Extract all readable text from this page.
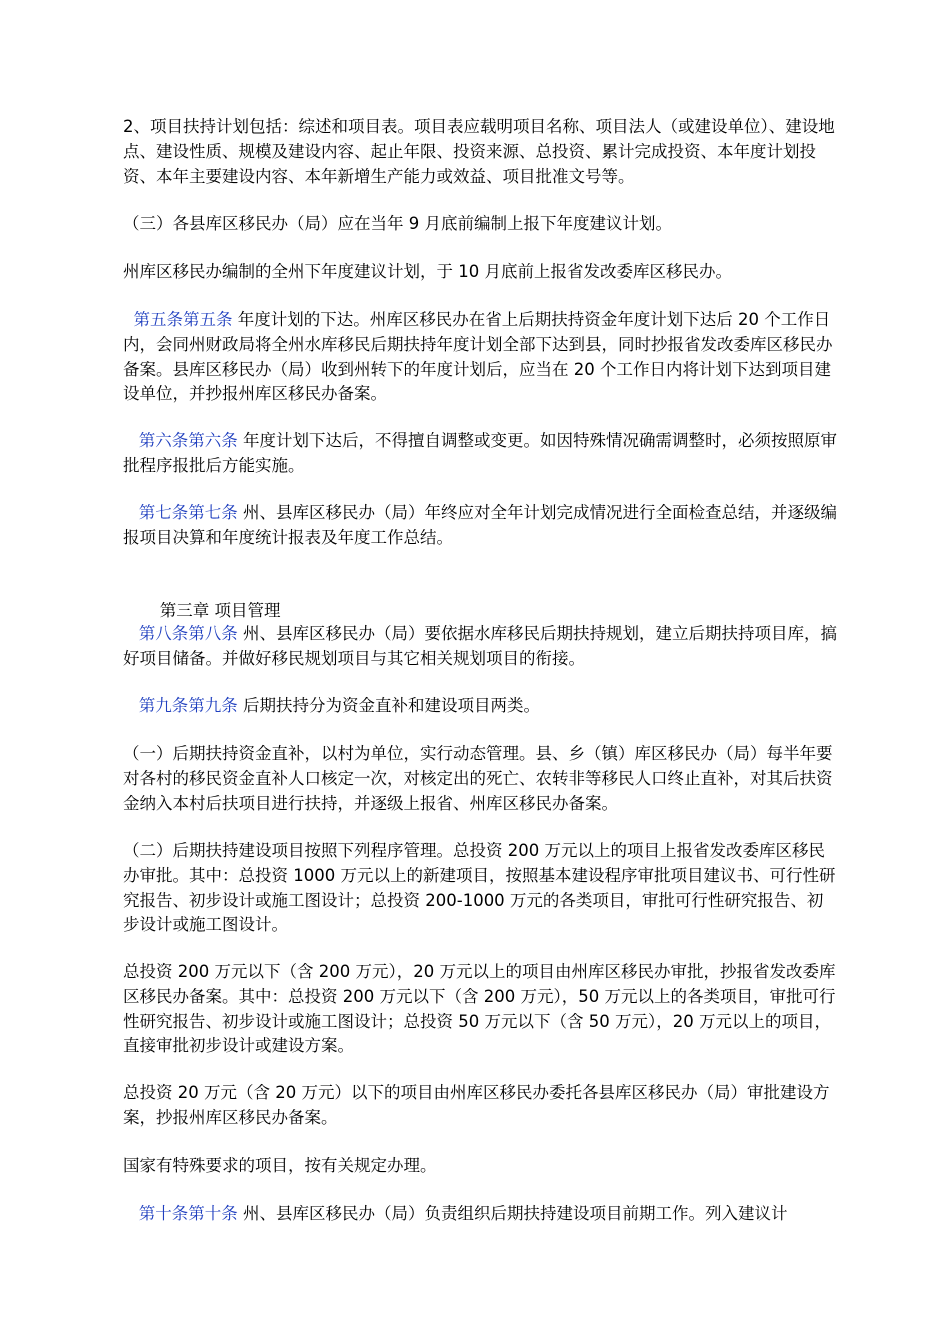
2、项目扶持计划包括：综述和项目表。项目表应载明项目名称、项目法人（或建设单位）、建设地点、建设性质、规模及建设内容、起止年限、投资来源、总投资、累计完成投资、本年度计划投资、本年主要建设内容、本年新增生产能力或效益、项目批准文号等。

（三）各县库区移民办（局）应在当年 9 月底前编制上报下年度建议计划。

州库区移民办编制的全州下年度建议计划，于 10 月底前上报省发改委库区移民办。

第五条第五条 年度计划的下达。州库区移民办在省上后期扶持资金年度计划下达后 20 个工作日内，会同州财政局将全州水库移民后期扶持年度计划全部下达到县，同时抄报省发改委库区移民办备案。县库区移民办（局）收到州转下的年度计划后，应当在 20 个工作日内将计划下达到项目建设单位，并抄报州库区移民办备案。

第六条第六条 年度计划下达后，不得擅自调整或变更。如因特殊情况确需调整时，必须按照原审批程序报批后方能实施。

第七条第七条 州、县库区移民办（局）年终应对全年计划完成情况进行全面检查总结，并逐级编报项目决算和年度统计报表及年度工作总结。

第三章 项目管理

第八条第八条 州、县库区移民办（局）要依据水库移民后期扶持规划，建立后期扶持项目库，搞好项目储备。并做好移民规划项目与其它相关规划项目的衔接。

第九条第九条 后期扶持分为资金直补和建设项目两类。

（一）后期扶持资金直补，以村为单位，实行动态管理。县、乡（镇）库区移民办（局）每半年要对各村的移民资金直补人口核定一次，对核定出的死亡、农转非等移民人口终止直补，对其后扶资金纳入本村后扶项目进行扶持，并逐级上报省、州库区移民办备案。

（二）后期扶持建设项目按照下列程序管理。总投资 200 万元以上的项目上报省发改委库区移民办审批。其中：总投资 1000 万元以上的新建项目，按照基本建设程序审批项目建议书、可行性研究报告、初步设计或施工图设计；总投资 200-1000 万元的各类项目，审批可行性研究报告、初步设计或施工图设计。

总投资 200 万元以下（含 200 万元），20 万元以上的项目由州库区移民办审批，抄报省发改委库区移民办备案。其中：总投资 200 万元以下（含 200 万元），50 万元以上的各类项目，审批可行性研究报告、初步设计或施工图设计；总投资 50 万元以下（含 50 万元），20 万元以上的项目，直接审批初步设计或建设方案。

总投资 20 万元（含 20 万元）以下的项目由州库区移民办委托各县库区移民办（局）审批建设方案，抄报州库区移民办备案。

国家有特殊要求的项目，按有关规定办理。

第十条第十条 州、县库区移民办（局）负责组织后期扶持建设项目前期工作。列入建议计
